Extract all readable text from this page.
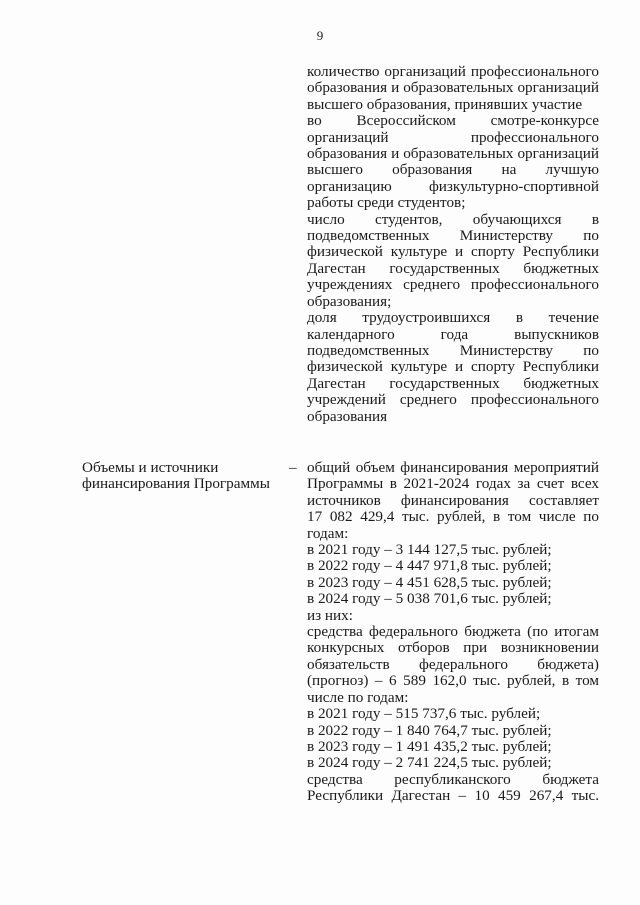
9
количество организаций профессионального
образования и образовательных организаций
высшего образования, принявших участие
во Всероссийском смотре-конкурсе
организаций профессионального
образования и образовательных организаций
высшего образования на лучшую
организацию физкультурно-спортивной
работы среди студентов;
число студентов, обучающихся в
подведомственных Министерству по
физической культуре и спорту Республики
Дагестан государственных бюджетных
учреждениях среднего профессионального
образования;
доля трудоустроившихся в течение
календарного года выпускников
подведомственных Министерству по
физической культуре и спорту Республики
Дагестан государственных бюджетных
учреждений среднего профессионального
образования
Объемы и источники
финансирования Программы
– общий объем финансирования мероприятий
Программы в 2021-2024 годах за счет всех
источников финансирования составляет
17 082 429,4 тыс. рублей, в том числе по
годам:
в 2021 году – 3 144 127,5 тыс. рублей;
в 2022 году – 4 447 971,8 тыс. рублей;
в 2023 году – 4 451 628,5 тыс. рублей;
в 2024 году – 5 038 701,6 тыс. рублей;
из них:
средства федерального бюджета (по итогам
конкурсных отборов при возникновении
обязательств федерального бюджета)
(прогноз) – 6 589 162,0 тыс. рублей, в том
числе по годам:
в 2021 году – 515 737,6 тыс. рублей;
в 2022 году – 1 840 764,7 тыс. рублей;
в 2023 году – 1 491 435,2 тыс. рублей;
в 2024 году – 2 741 224,5 тыс. рублей;
средства республиканского бюджета
Республики Дагестан – 10 459 267,4 тыс.
